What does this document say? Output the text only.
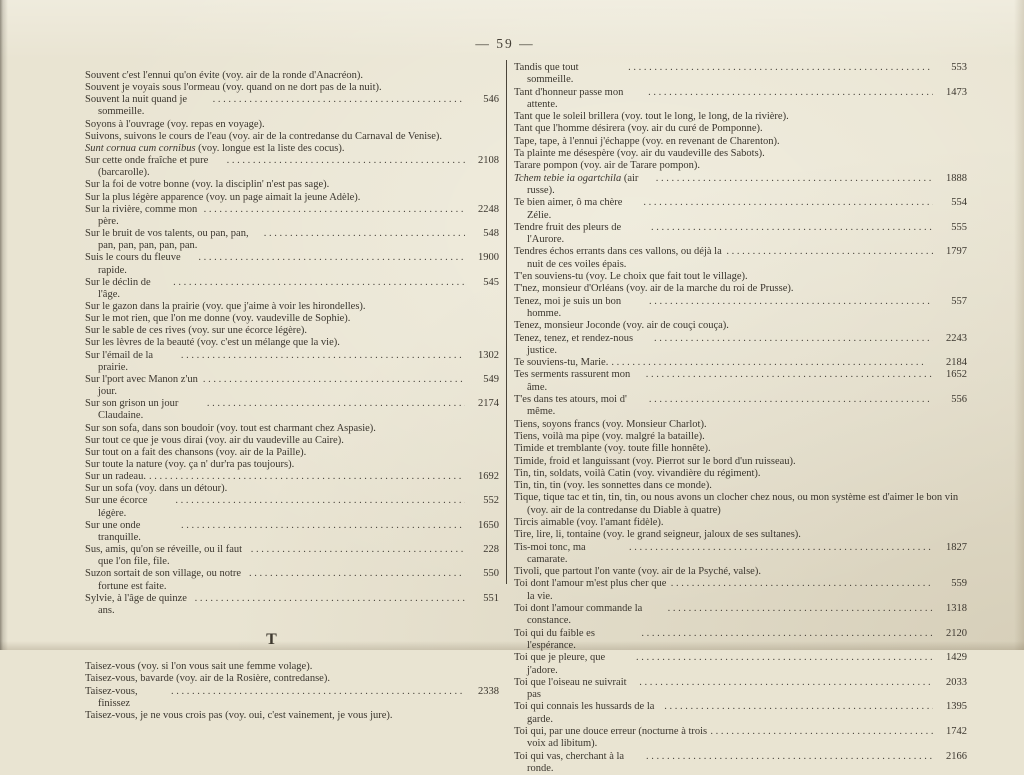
— 59 —
Souvent c'est l'ennui qu'on évite (voy. air de la ronde d'Anacréon).
Souvent je voyais sous l'ormeau (voy. quand on ne dort pas de la nuit).
Souvent la nuit quand je sommeille.
. .
546
Soyons à l'ouvrage (voy. repas en voyage).
Suivons, suivons le cours de l'eau (voy. air de la contredanse du Carnaval de Venise).
Sunt cornua cum cornibus (voy. longue est la liste des cocus).
Sur cette onde fraîche et pure (barcarolle).
. .
2108
Sur la foi de votre bonne (voy. la disciplin' n'est pas sage).
Sur la plus légère apparence (voy. un page aimait la jeune Adèle).
Sur la rivière, comme mon père.
. .
2248
Sur le bruit de vos talents, ou pan, pan, pan, pan, pan, pan, pan.
. .
548
Suis le cours du fleuve rapide.
. .
1900
Sur le déclin de l'âge.
. .
545
Sur le gazon dans la prairie (voy. que j'aime à voir les hirondelles).
Sur le mot rien, que l'on me donne (voy. vaudeville de Sophie).
Sur le sable de ces rives (voy. sur une écorce légère).
Sur les lèvres de la beauté (voy. c'est un mélange que la vie).
Sur l'émail de la prairie.
. .
1302
Sur l'port avec Manon z'un jour.
. .
549
Sur son grison un jour Claudaine.
. .
2174
Sur son sofa, dans son boudoir (voy. tout est charmant chez Aspasie).
Sur tout ce que je vous dirai (voy. air du vaudeville au Caire).
Sur tout on a fait des chansons (voy. air de la Paille).
Sur toute la nature (voy. ça n' dur'ra pas toujours).
Sur un radeau. . .	1692
Sur un sofa (voy. dans un détour).
Sur une écorce légère.
. .
552
Sur une onde tranquille.
. .
1650
Sus, amis, qu'on se réveille, ou il faut que l'on file, file.
. .
228
Suzon sortait de son village, ou notre fortune est faite.
. .
550
Sylvie, à l'âge de quinze ans.
. .
551
T
Taisez-vous (voy. si l'on vous sait une femme volage).
Taisez-vous, bavarde (voy. air de la Rosière, contredanse).
Taisez-vous, finissez
. .
2338
Taisez-vous, je ne vous crois pas (voy. oui, c'est vainement, je vous jure).
Tandis que tout sommeille.
. .
553
Tant d'honneur passe mon attente.
. .
1473
Tant que le soleil brillera (voy. tout le long, le long, de la rivière).
Tant que l'homme désirera (voy. air du curé de Pomponne).
Tape, tape, à l'ennui j'échappe (voy. en revenant de Charenton).
Ta plainte me désespère (voy. air du vaudeville des Sabots).
Tarare pompon (voy. air de Tarare pompon).
Tchem tebie ia ogartchila (air russe).
. .
1888
Te bien aimer, ô ma chère Zélie.
. .
554
Tendre fruit des pleurs de l'Aurore.
. .
555
Tendres échos errants dans ces vallons, ou déjà la nuit de ces voiles épais.
. .
1797
T'en souviens-tu (voy. Le choix que fait tout le village).
T'nez, monsieur d'Orléans (voy. air de la marche du roi de Prusse).
Tenez, moi je suis un bon homme.
. .
557
Tenez, monsieur Joconde (voy. air de couçi couça).
Tenez, tenez, et rendez-nous justice.
. .
2243
Te souviens-tu, Marie. . .	2184
Tes serments rassurent mon âme.
. .
1652
T'es dans tes atours, moi d' même.
. .
556
Tiens, soyons francs (voy. Monsieur Charlot).
Tiens, voilà ma pipe (voy. malgré la bataille).
Timide et tremblante (voy. toute fille honnête).
Timide, froid et languissant (voy. Pierrot sur le bord d'un ruisseau).
Tin, tin, soldats, voilà Catin (voy. vivandière du régiment).
Tin, tin, tin (voy. les sonnettes dans ce monde).
Tique, tique tac et tin, tin, tin, ou nous avons un clocher chez nous, ou mon système est d'aimer le bon vin (voy. air de la contredanse du Diable à quatre)
Tircis aimable (voy. l'amant fidèle).
Tire, lire, li, tontaine (voy. le grand seigneur, jaloux de ses sultanes).
Tis-moi tonc, ma camarate.
. .
1827
Tivoli, que partout l'on vante (voy. air de la Psyché, valse).
Toi dont l'amour m'est plus cher que la vie.
. .
559
Toi dont l'amour commande la constance.
. .
1318
Toi qui du faible es l'espérance.
. .
2120
Toi que je pleure, que j'adore.
. .
1429
Toi que l'oiseau ne suivrait pas
. .
2033
Toi qui connais les hussards de la garde.
. .
1395
Toi qui, par une douce erreur (nocturne à trois voix ad libitum).
. .
1742
Toi qui vas, cherchant à la ronde.
. .
2166
